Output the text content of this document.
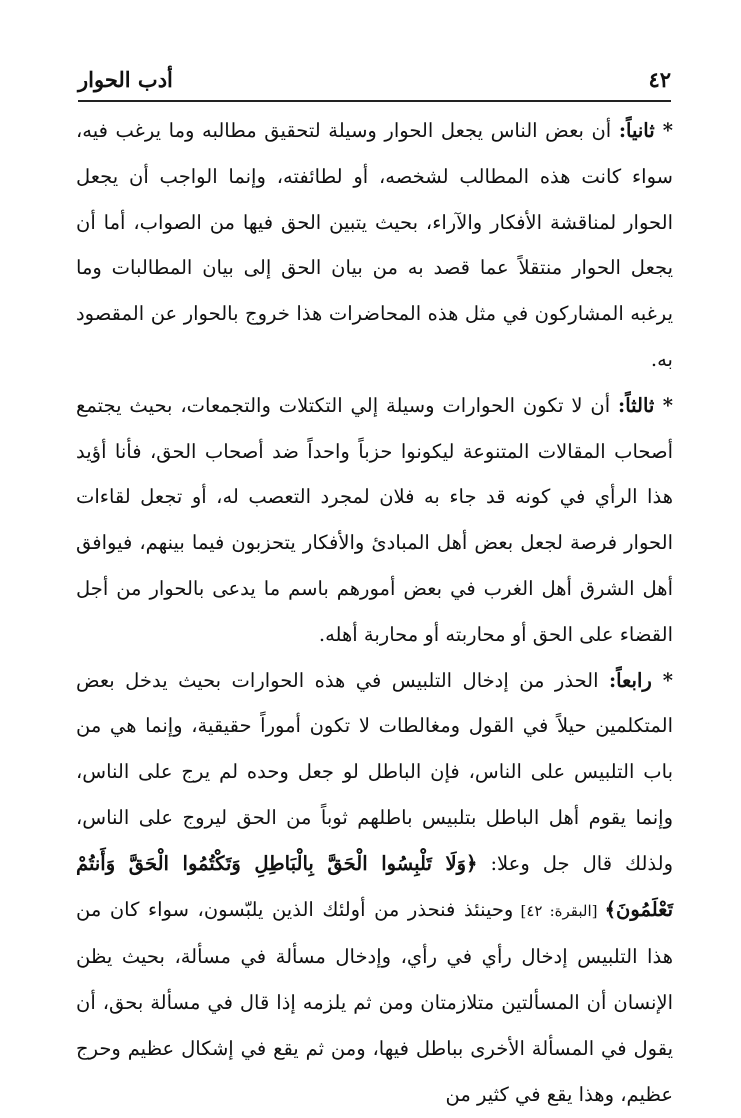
٤٢
أدب الحوار

* ثانياً: أن بعض الناس يجعل الحوار وسيلة لتحقيق مطالبه وما يرغب فيه، سواء كانت هذه المطالب لشخصه، أو لطائفته، وإنما الواجب أن يجعل الحوار لمناقشة الأفكار والآراء، بحيث يتبين الحق فيها من الصواب، أما أن يجعل الحوار منتقلاً عما قصد به من بيان الحق إلى بيان المطالبات وما يرغبه المشاركون في مثل هذه المحاضرات هذا خروج بالحوار عن المقصود به.

* ثالثاً: أن لا تكون الحوارات وسيلة إلي التكتلات والتجمعات، بحيث يجتمع أصحاب المقالات المتنوعة ليكونوا حزباً واحداً ضد أصحاب الحق، فأنا أؤيد هذا الرأي في كونه قد جاء به فلان لمجرد التعصب له، أو تجعل لقاءات الحوار فرصة لجعل بعض أهل المبادئ والأفكار يتحزبون فيما بينهم، فيوافق أهل الشرق أهل الغرب في بعض أمورهم باسم ما يدعى بالحوار من أجل القضاء على الحق أو محاربته أو محاربة أهله.

* رابعاً: الحذر من إدخال التلبيس في هذه الحوارات بحيث يدخل بعض المتكلمين حيلاً في القول ومغالطات لا تكون أموراً حقيقية، وإنما هي من باب التلبيس على الناس، فإن الباطل لو جعل وحده لم يرج على الناس، وإنما يقوم أهل الباطل بتلبيس باطلهم ثوباً من الحق ليروج على الناس، ولذلك قال جل وعلا: ﴿وَلَا تَلْبِسُوا الْحَقَّ بِالْبَاطِلِ وَتَكْتُمُوا الْحَقَّ وَأَنتُمْ تَعْلَمُونَ﴾ [البقرة: ٤٢] وحينئذ فنحذر من أولئك الذين يلبّسون، سواء كان من هذا التلبيس إدخال رأي في رأي، وإدخال مسألة في مسألة، بحيث يظن الإنسان أن المسألتين متلازمتان ومن ثم يلزمه إذا قال في مسألة بحق، أن يقول في المسألة الأخرى بباطل فيها، ومن ثم يقع في إشكال عظيم وحرج عظيم، وهذا يقع في كثير من
